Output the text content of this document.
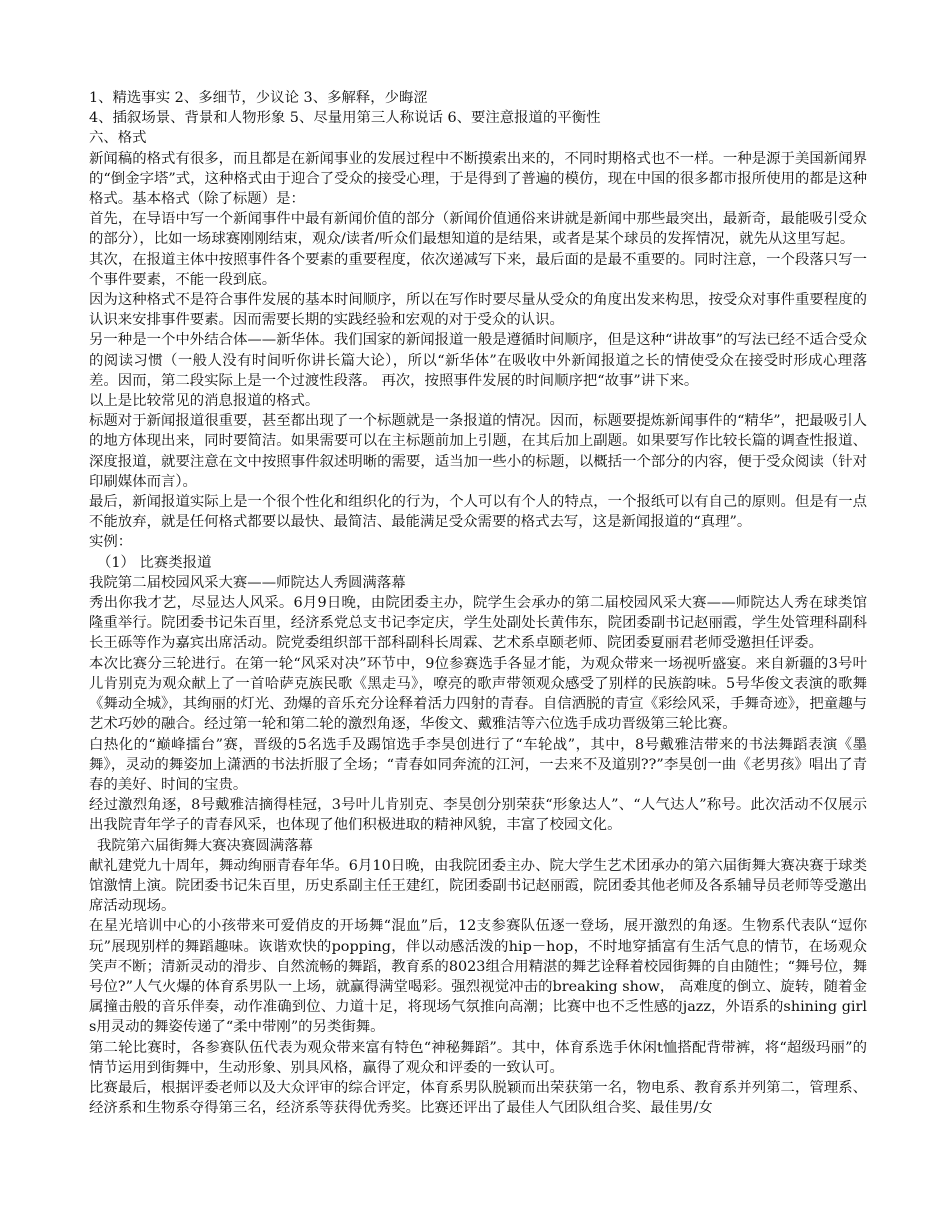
1、精选事实 2、多细节，少议论 3、多解释，少晦涩

4、插叙场景、背景和人物形象 5、尽量用第三人称说话 6、要注意报道的平衡性

六、格式

新闻稿的格式有很多，而且都是在新闻事业的发展过程中不断摸索出来的，不同时期格式也不一样。一种是源于美国新闻界的“倒金字塔”式，这种格式由于迎合了受众的接受心理，于是得到了普遍的模仿，现在中国的很多都市报所使用的都是这种格式。基本格式（除了标题）是：

首先，在导语中写一个新闻事件中最有新闻价值的部分（新闻价值通俗来讲就是新闻中那些最突出，最新奇，最能吸引受众的部分），比如一场球赛刚刚结束，观众/读者/听众们最想知道的是结果，或者是某个球员的发挥情况，就先从这里写起。

其次，在报道主体中按照事件各个要素的重要程度，依次递减写下来，最后面的是最不重要的。同时注意，一个段落只写一个事件要素，不能一段到底。

因为这种格式不是符合事件发展的基本时间顺序，所以在写作时要尽量从受众的角度出发来构思，按受众对事件重要程度的认识来安排事件要素。因而需要长期的实践经验和宏观的对于受众的认识。

另一种是一个中外结合体——新华体。我们国家的新闻报道一般是遵循时间顺序，但是这种“讲故事”的写法已经不适合受众的阅读习惯（一般人没有时间听你讲长篇大论），所以“新华体”在吸收中外新闻报道之长的情使受众在接受时形成心理落差。因而，第二段实际上是一个过渡性段落。 再次，按照事件发展的时间顺序把“故事”讲下来。

以上是比较常见的消息报道的格式。

标题对于新闻报道很重要，甚至都出现了一个标题就是一条报道的情况。因而，标题要提炼新闻事件的“精华”，把最吸引人的地方体现出来，同时要简洁。如果需要可以在主标题前加上引题，在其后加上副题。如果要写作比较长篇的调查性报道、深度报道，就要注意在文中按照事件叙述明晰的需要，适当加一些小的标题，以概括一个部分的内容，便于受众阅读（针对印刷媒体而言）。

最后，新闻报道实际上是一个很个性化和组织化的行为，个人可以有个人的特点，一个报纸可以有自己的原则。但是有一点不能放弃，就是任何格式都要以最快、最简洁、最能满足受众需要的格式去写，这是新闻报道的“真理”。

实例：

（1） 比赛类报道

我院第二届校园风采大赛——师院达人秀圆满落幕

秀出你我才艺，尽显达人风采。6月9日晚，由院团委主办，院学生会承办的第二届校园风采大赛——师院达人秀在球类馆隆重举行。院团委书记朱百里，经济系党总支书记李定庆，学生处副处长黄伟东，院团委副书记赵丽霞，学生处管理科副科长王砾等作为嘉宾出席活动。院党委组织部干部科副科长周霖、艺术系卓颐老师、院团委夏丽君老师受邀担任评委。

本次比赛分三轮进行。在第一轮“风采对决”环节中，9位参赛选手各显才能，为观众带来一场视听盛宴。来自新疆的3号叶儿肯别克为观众献上了一首哈萨克族民歌《黑走马》，嘹亮的歌声带领观众感受了别样的民族韵味。5号华俊文表演的歌舞《舞动全城》，其绚丽的灯光、劲爆的音乐充分诠释着活力四射的青春。自信洒脱的青宣《彩绘风采，手舞奇迹》，把童趣与艺术巧妙的融合。经过第一轮和第二轮的激烈角逐，华俊文、戴雅洁等六位选手成功晋级第三轮比赛。

白热化的“巅峰擂台”赛，晋级的5名选手及踢馆选手李昊创进行了“车轮战”，其中，8号戴雅洁带来的书法舞蹈表演《墨舞》，灵动的舞姿加上潇洒的书法折服了全场；“青春如同奔流的江河，一去来不及道别??”李昊创一曲《老男孩》唱出了青春的美好、时间的宝贵。

经过激烈角逐，8号戴雅洁摘得桂冠，3号叶儿肯别克、李昊创分别荣获“形象达人”、“人气达人”称号。此次活动不仅展示出我院青年学子的青春风采，也体现了他们积极进取的精神风貌，丰富了校园文化。

我院第六届街舞大赛决赛圆满落幕

献礼建党九十周年，舞动绚丽青春年华。6月10日晚，由我院团委主办、院大学生艺术团承办的第六届街舞大赛决赛于球类馆激情上演。院团委书记朱百里，历史系副主任王建红，院团委副书记赵丽霞，院团委其他老师及各系辅导员老师等受邀出席活动现场。

在星光培训中心的小孩带来可爱俏皮的开场舞“混血”后，12支参赛队伍逐一登场，展开激烈的角逐。生物系代表队“逗你玩”展现别样的舞蹈趣味。诙谐欢快的popping，伴以动感活泼的hip－hop，不时地穿插富有生活气息的情节，在场观众笑声不断；清新灵动的滑步、自然流畅的舞蹈，教育系的8023组合用精湛的舞艺诠释着校园街舞的自由随性；“舞号位，舞号位?”人气火爆的体育系男队一上场，就赢得满堂喝彩。强烈视觉冲击的breaking show， 高难度的倒立、旋转，随着金属撞击般的音乐伴奏，动作准确到位、力道十足，将现场气氛推向高潮；比赛中也不乏性感的jazz，外语系的shining girls用灵动的舞姿传递了“柔中带刚”的另类街舞。

第二轮比赛时，各参赛队伍代表为观众带来富有特色“神秘舞蹈”。其中，体育系选手休闲t恤搭配背带裤，将“超级玛丽”的情节运用到街舞中，生动形象、别具风格，赢得了观众和评委的一致认可。

比赛最后，根据评委老师以及大众评审的综合评定，体育系男队脱颖而出荣获第一名，物电系、教育系并列第二，管理系、经济系和生物系夺得第三名，经济系等获得优秀奖。比赛还评出了最佳人气团队组合奖、最佳男/女
